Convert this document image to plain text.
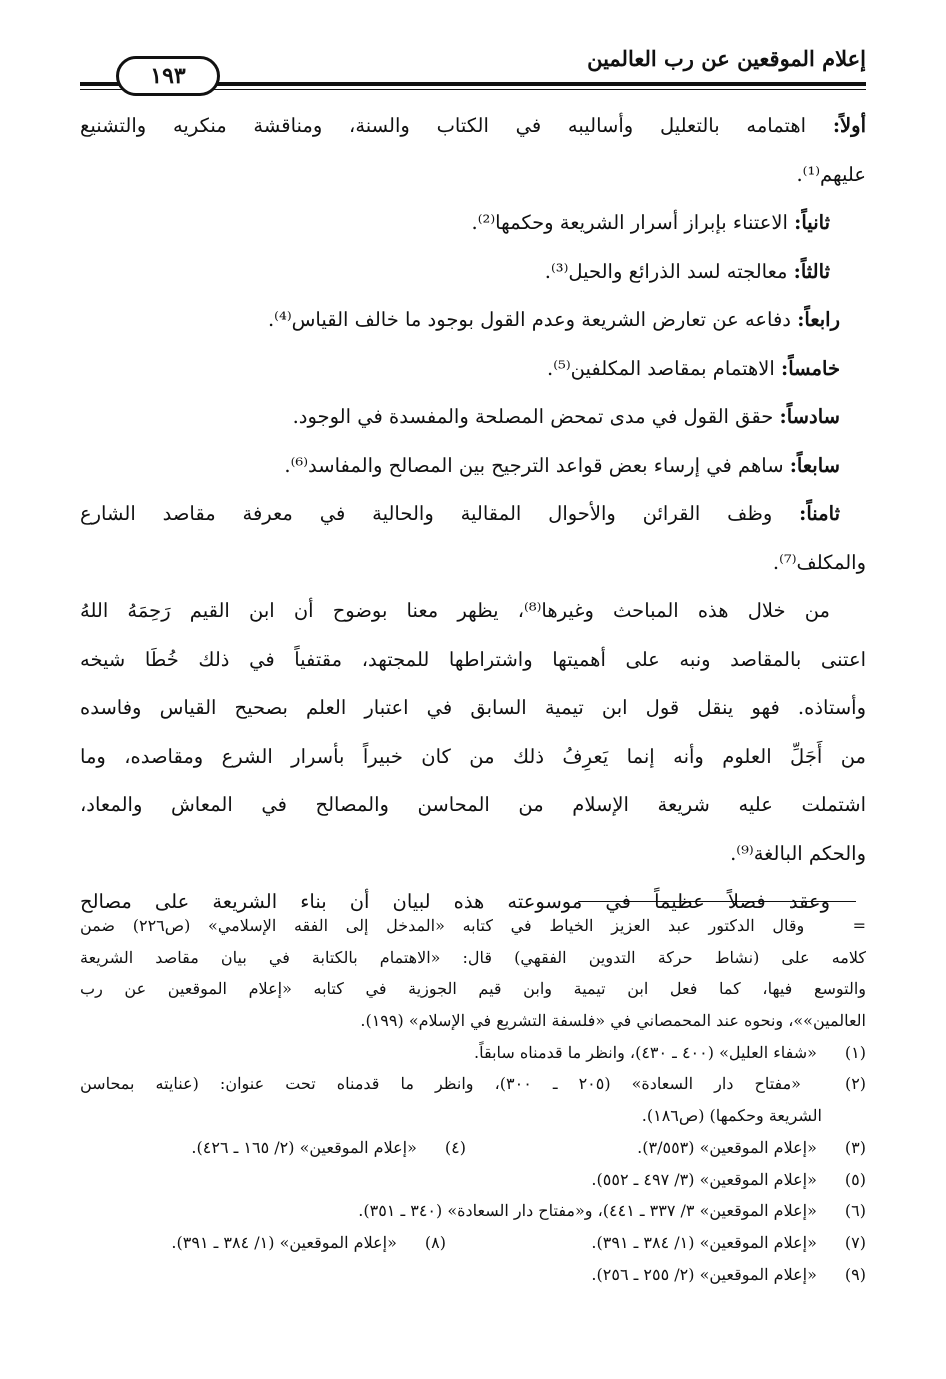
إعلام الموقعين عن رب العالمين
١٩٣
أولاً: اهتمامه بالتعليل وأساليبه في الكتاب والسنة، ومناقشة منكريه والتشنيع
عليهم⁽¹⁾.
ثانياً: الاعتناء بإبراز أسرار الشريعة وحكمها⁽²⁾.
ثالثاً: معالجته لسد الذرائع والحيل⁽³⁾.
رابعاً: دفاعه عن تعارض الشريعة وعدم القول بوجود ما خالف القياس⁽⁴⁾.
خامساً: الاهتمام بمقاصد المكلفين⁽⁵⁾.
سادساً: حقق القول في مدى تمحض المصلحة والمفسدة في الوجود.
سابعاً: ساهم في إرساء بعض قواعد الترجيح بين المصالح والمفاسد⁽⁶⁾.
ثامناً: وظف القرائن والأحوال المقالية والحالية في معرفة مقاصد الشارع
والمكلف⁽⁷⁾.
من خلال هذه المباحث وغيرها⁽⁸⁾، يظهر معنا بوضوح أن ابن القيم رَحِمَهُ اللهُ
اعتنى بالمقاصد ونبه على أهميتها واشتراطها للمجتهد، مقتفياً في ذلك خُطَا شيخه
وأستاذه. فهو ينقل قول ابن تيمية السابق في اعتبار العلم بصحيح القياس وفاسده
من أَجَلِّ العلوم وأنه إنما يَعرِفُ ذلك من كان خبيراً بأسرار الشرع ومقاصده، وما
اشتملت عليه شريعة الإسلام من المحاسن والمصالح في المعاش والمعاد،
والحكم البالغة⁽⁹⁾.
وعقد فصلاً عظيماً في موسوعته هذه لبيان أن بناء الشريعة على مصالح
= وقال الدكتور عبد العزيز الخياط في كتابه «المدخل إلى الفقه الإسلامي» (ص٢٢٦) ضمن
كلامه على (نشاط حركة التدوين الفقهي) قال: «الاهتمام بالكتابة في بيان مقاصد الشريعة
والتوسع فيها، كما فعل ابن تيمية وابن قيم الجوزية في كتابه «إعلام الموقعين عن رب
العالمين»»، ونحوه عند المحمصاني في «فلسفة التشريع في الإسلام» (١٩٩).
(١) «شفاء العليل» (٤٠٠ ـ ٤٣٠)، وانظر ما قدمناه سابقاً.
(٢) «مفتاح دار السعادة» (٢٠٥ ـ ٣٠٠)، وانظر ما قدمناه تحت عنوان: (عنايته بمحاسن
الشريعة وحكمها) (ص١٨٦).
(٣) «إعلام الموقعين» (٣/٥٥٣).
(٤) «إعلام الموقعين» (٢/ ١٦٥ ـ ٤٢٦).
(٥) «إعلام الموقعين» (٣/ ٤٩٧ ـ ٥٥٢).
(٦) «إعلام الموقعين» ٣/ ٣٣٧ ـ ٤٤١)، و«مفتاح دار السعادة» (٣٤٠ ـ ٣٥١).
(٧) «إعلام الموقعين» (١/ ٣٨٤ ـ ٣٩١).
(٨) «إعلام الموقعين» (١/ ٣٨٤ ـ ٣٩١).
(٩) «إعلام الموقعين» (٢/ ٢٥٥ ـ ٢٥٦).
